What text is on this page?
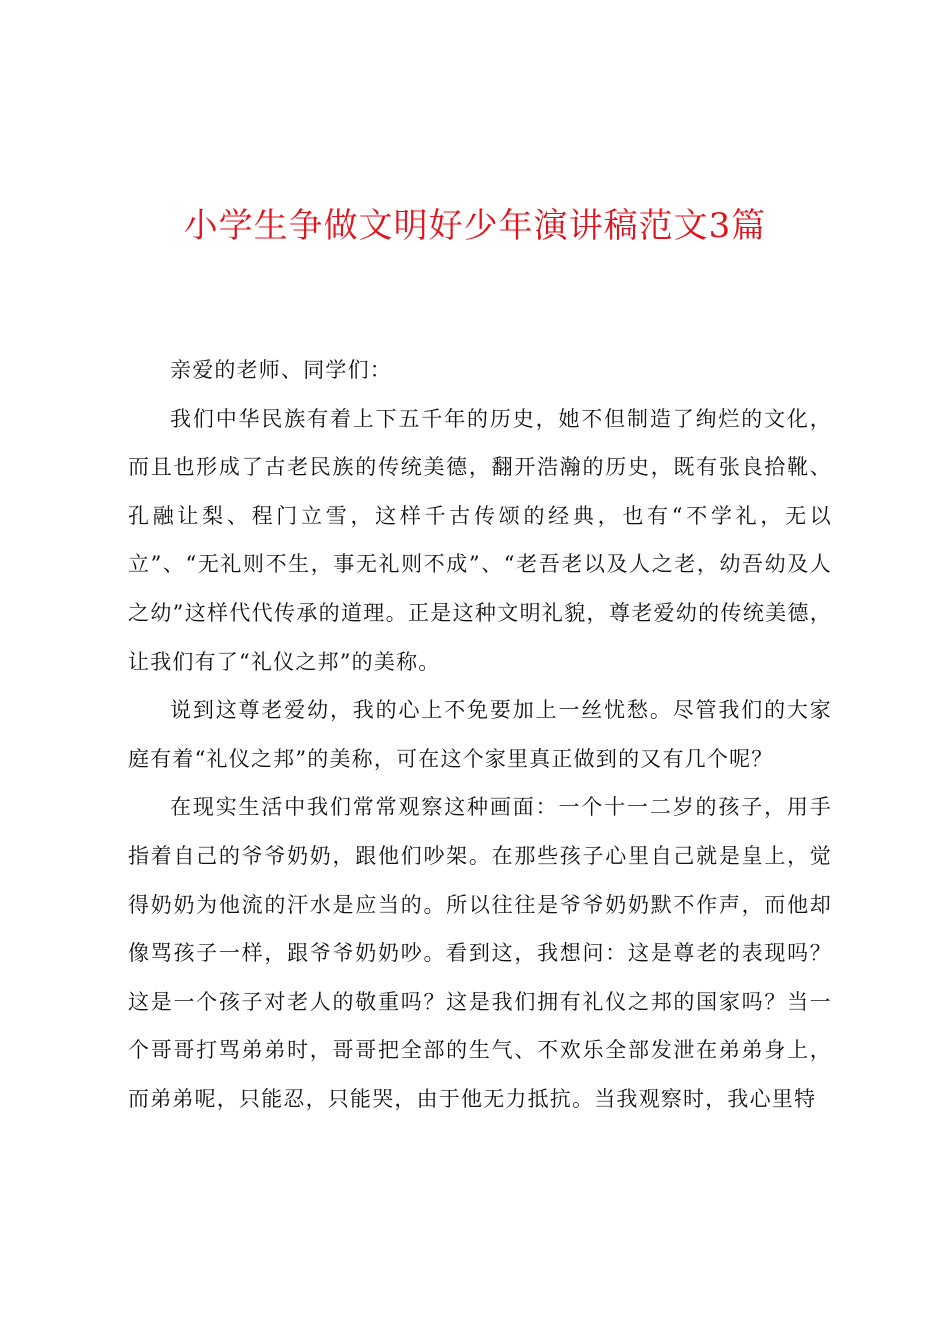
小学生争做文明好少年演讲稿范文3篇

亲爱的老师、同学们：

我们中华民族有着上下五千年的历史，她不但制造了绚烂的文化，而且也形成了古老民族的传统美德，翻开浩瀚的历史，既有张良拾靴、孔融让梨、程门立雪，这样千古传颂的经典，也有“不学礼，无以立”、“无礼则不生，事无礼则不成”、“老吾老以及人之老，幼吾幼及人之幼”这样代代传承的道理。正是这种文明礼貌，尊老爱幼的传统美德，让我们有了“礼仪之邦”的美称。

说到这尊老爱幼，我的心上不免要加上一丝忧愁。尽管我们的大家庭有着“礼仪之邦”的美称，可在这个家里真正做到的又有几个呢？

在现实生活中我们常常观察这种画面：一个十一二岁的孩子，用手指着自己的爷爷奶奶，跟他们吵架。在那些孩子心里自己就是皇上，觉得奶奶为他流的汗水是应当的。所以往往是爷爷奶奶默不作声，而他却像骂孩子一样，跟爷爷奶奶吵。看到这，我想问：这是尊老的表现吗？这是一个孩子对老人的敬重吗？这是我们拥有礼仪之邦的国家吗？当一个哥哥打骂弟弟时，哥哥把全部的生气、不欢乐全部发泄在弟弟身上，而弟弟呢，只能忍，只能哭，由于他无力抵抗。当我观察时，我心里特
